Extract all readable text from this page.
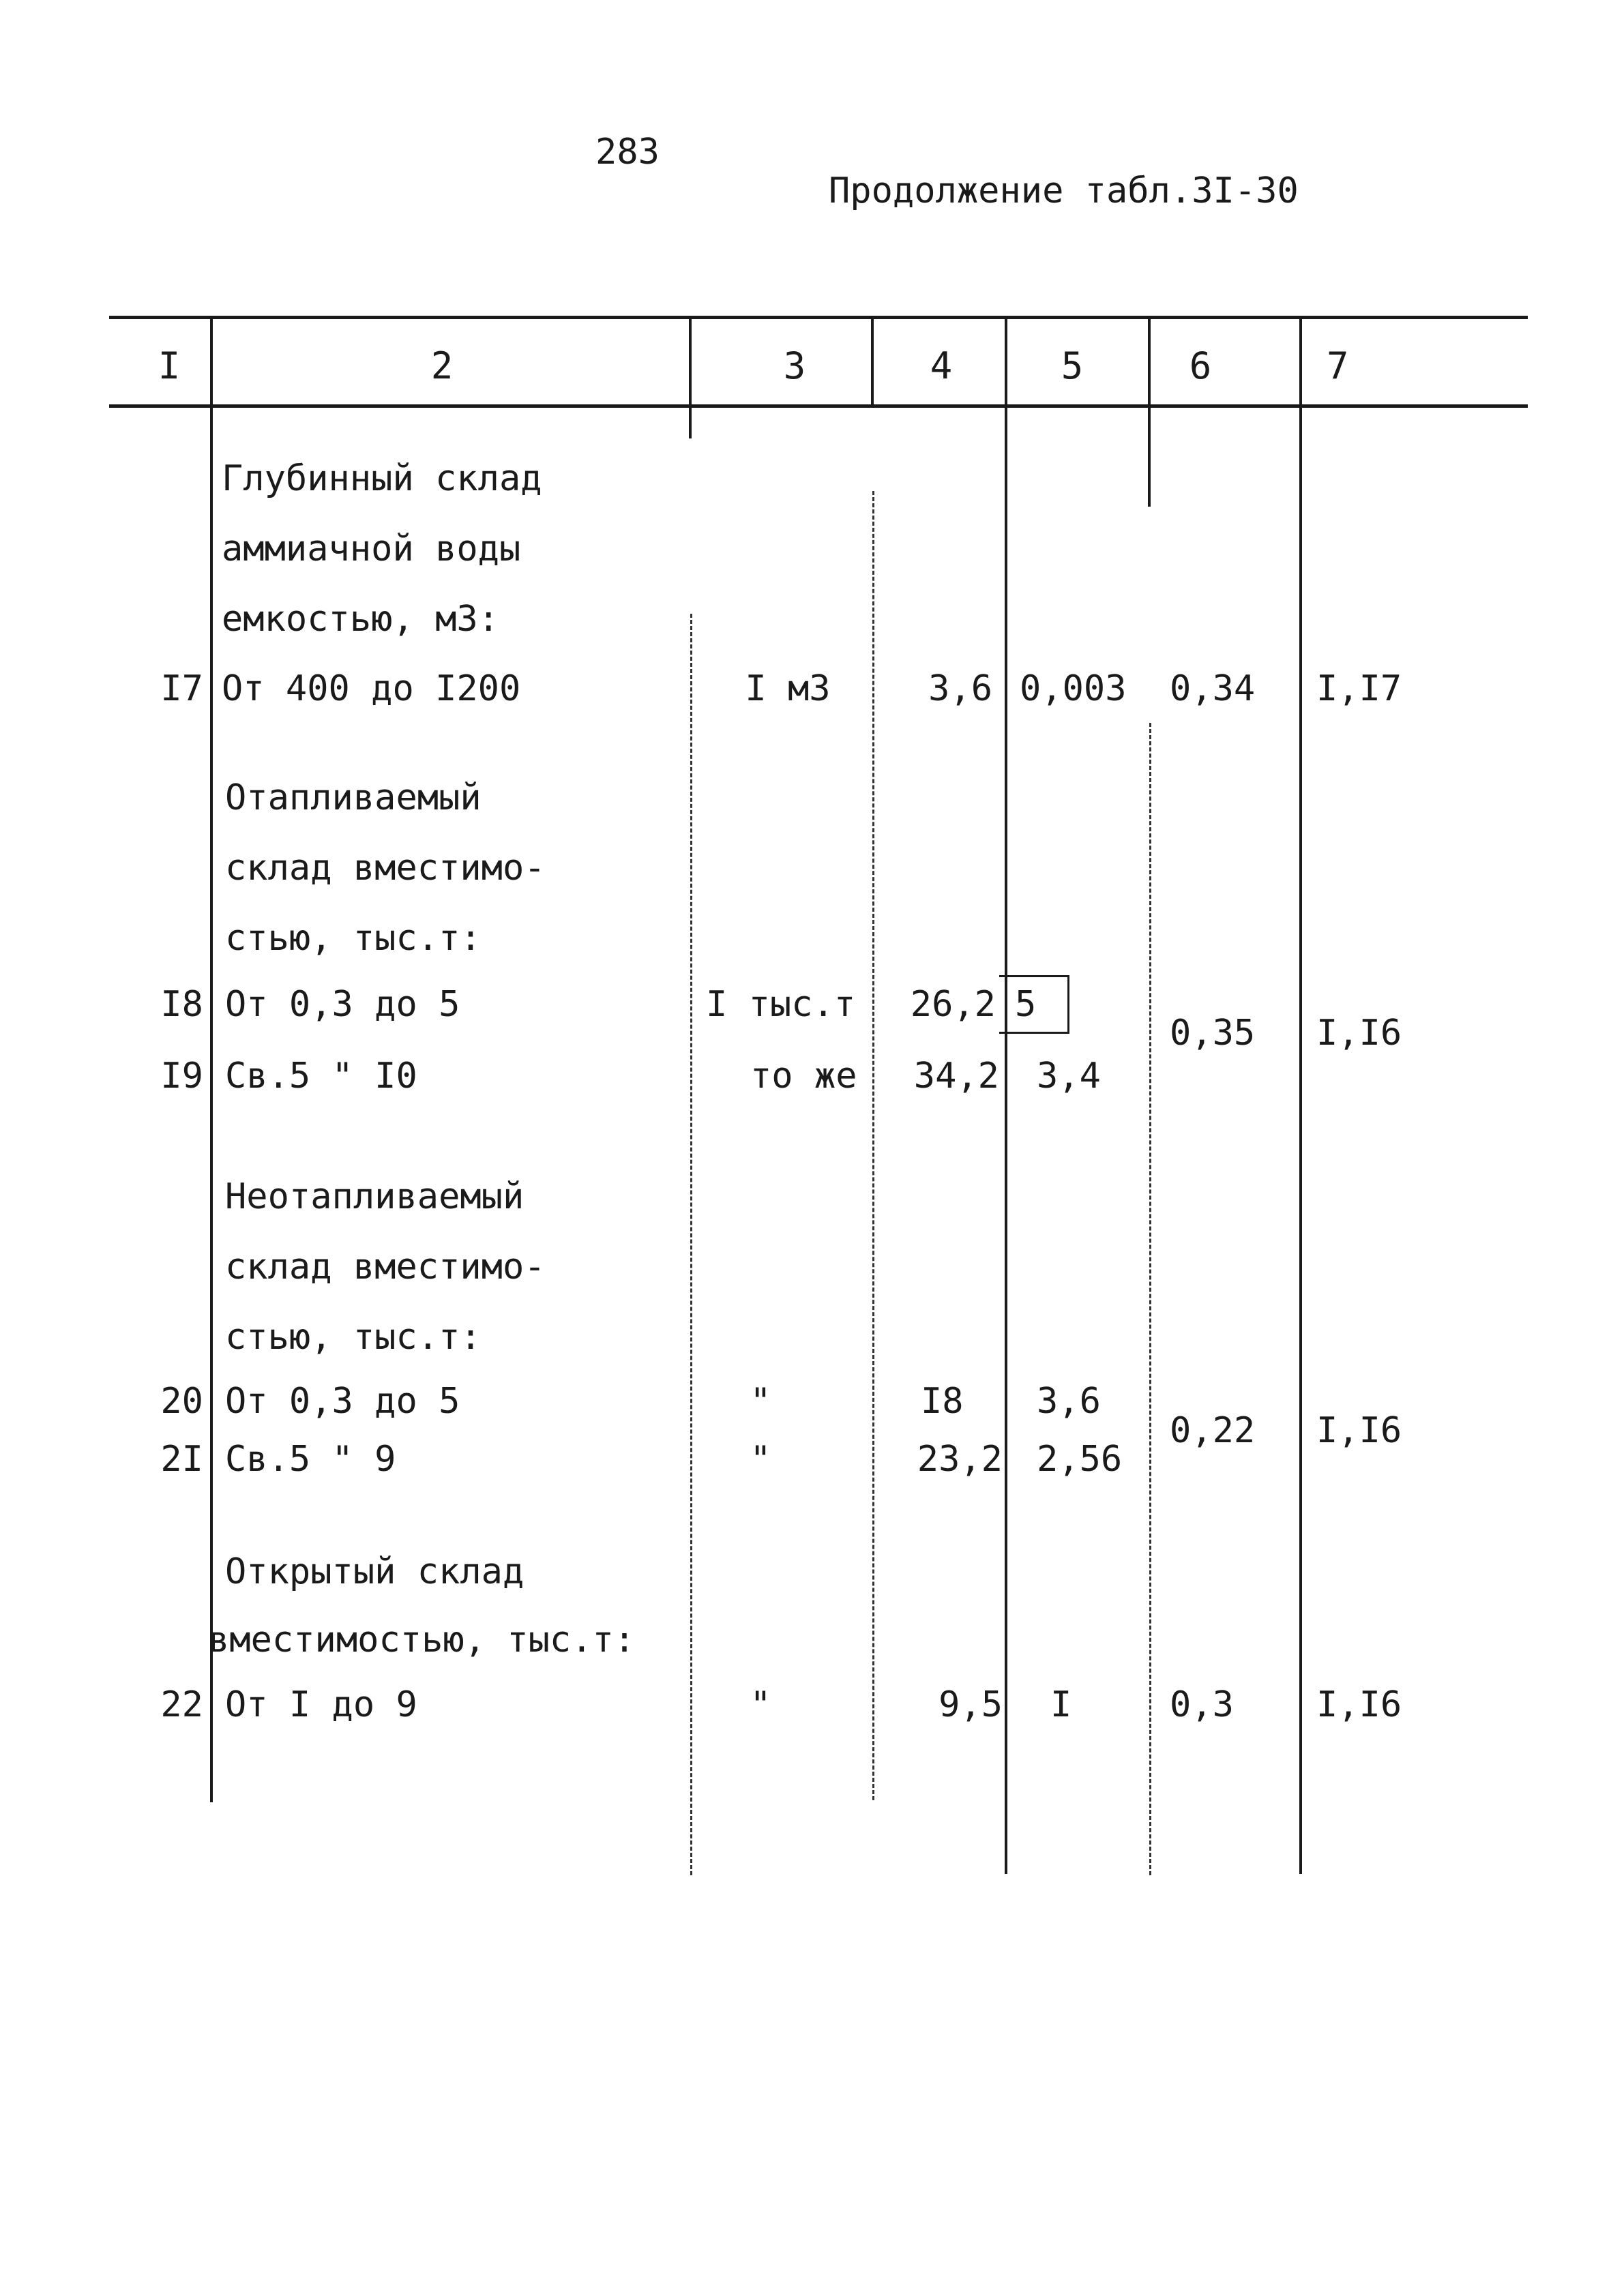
283
Продолжение табл.3I-30
I	2	3	4	5	6	7
Глубинный склад
аммиачной воды
емкостью, м3:
I7 От 400 до I200	I м3	3,6 0,003 0,34 I,I7
Отапливаемый
склад вместимо-
стью, тыс.т:
I8 От 0,3 до 5	I тыс.т 26,2 5
I9 Св.5 " I0	то же 34,2 3,4
0,35 I,I6
Неотапливаемый
склад вместимо-
стью, тыс.т:
20 От 0,3 до 5	"	I8 3,6
2I Св.5 " 9	"	23,2 2,56
0,22 I,I6
Открытый склад
вместимостью, тыс.т:
22 От I до 9	"	9,5 I	0,3 I,I6
